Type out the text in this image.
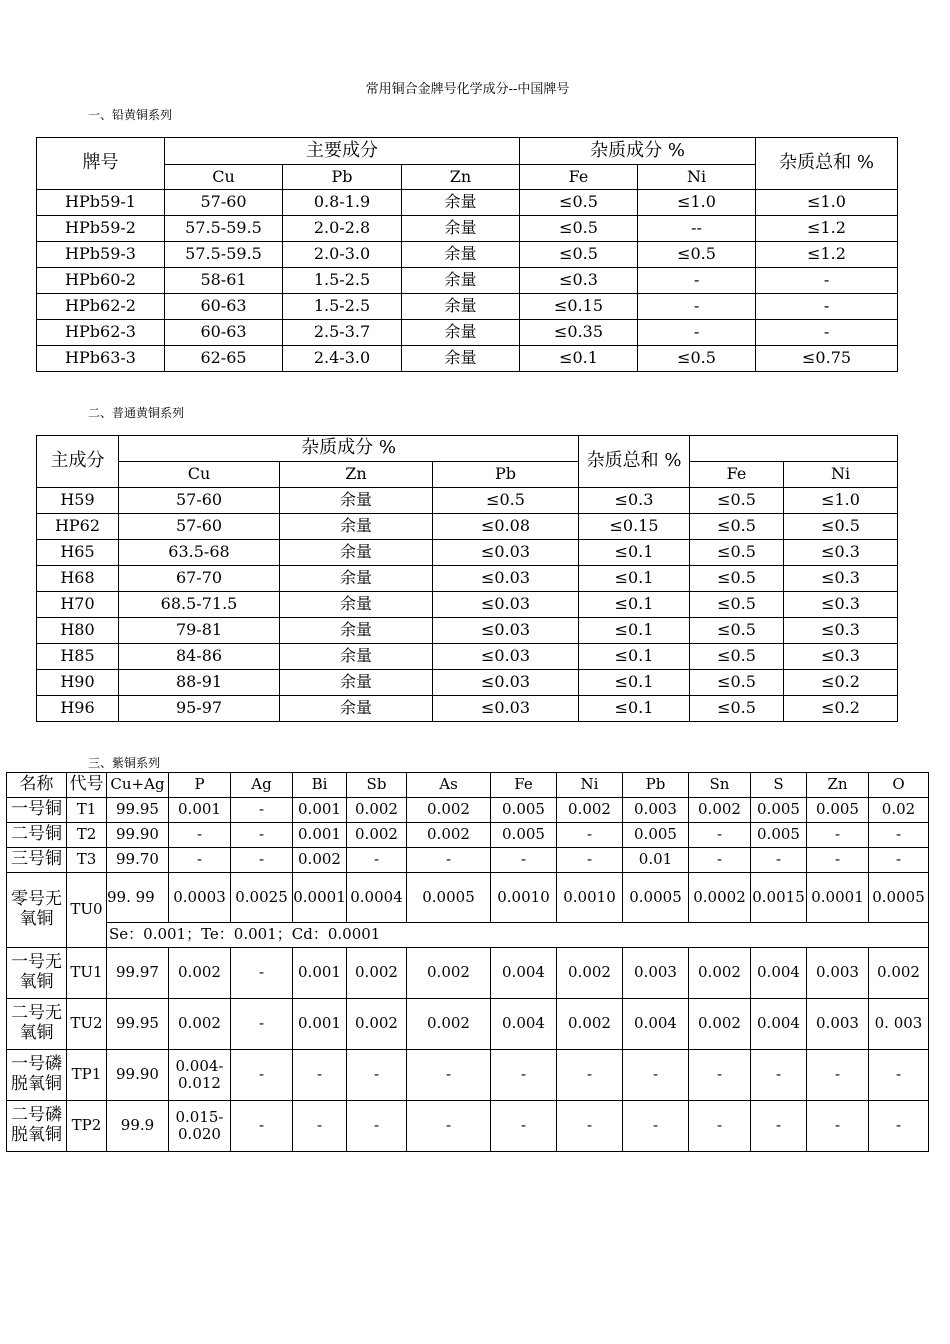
常用铜合金牌号化学成分--中国牌号
一、铅黄铜系列
牌号	主要成分			杂质成分 %		杂质总和 %
	Cu	Pb	Zn	Fe	Ni	
HPb59-1	57-60	0.8-1.9	余量	≤0.5	≤1.0	≤1.0
HPb59-2	57.5-59.5	2.0-2.8	余量	≤0.5	--	≤1.2
HPb59-3	57.5-59.5	2.0-3.0	余量	≤0.5	≤0.5	≤1.2
HPb60-2	58-61	1.5-2.5	余量	≤0.3	-	-
HPb62-2	60-63	1.5-2.5	余量	≤0.15	-	-
HPb62-3	60-63	2.5-3.7	余量	≤0.35	-	-
HPb63-3	62-65	2.4-3.0	余量	≤0.1	≤0.5	≤0.75
二、普通黄铜系列
主成分	杂质成分 %			杂质总和 %		
	Cu	Zn	Pb		Fe	Ni
H59	57-60	余量	≤0.5	≤0.3	≤0.5	≤1.0
HP62	57-60	余量	≤0.08	≤0.15	≤0.5	≤0.5
H65	63.5-68	余量	≤0.03	≤0.1	≤0.5	≤0.3
H68	67-70	余量	≤0.03	≤0.1	≤0.5	≤0.3
H70	68.5-71.5	余量	≤0.03	≤0.1	≤0.5	≤0.3
H80	79-81	余量	≤0.03	≤0.1	≤0.5	≤0.3
H85	84-86	余量	≤0.03	≤0.1	≤0.5	≤0.3
H90	88-91	余量	≤0.03	≤0.1	≤0.5	≤0.2
H96	95-97	余量	≤0.03	≤0.1	≤0.5	≤0.2
三、紫铜系列
名称	代号	Cu+Ag	P	Ag	Bi	Sb	As	Fe	Ni	Pb	Sn	S	Zn	O
一号铜	T1	99.95	0.001	-	0.001	0.002	0.002	0.005	0.002	0.003	0.002	0.005	0.005	0.02
二号铜	T2	99.90	-	-	0.001	0.002	0.002	0.005	-	0.005	-	0.005	-	-
三号铜	T3	99.70	-	-	0.002	-	-	-	-	0.01	-	-	-	-
零号无氧铜	TU0	99. 99	0.0003	0.0025	0.0001	0.0004	0.0005	0.0010	0.0010	0.0005	0.0002	0.0015	0.0001	0.0005
		Se：0.001；Te：0.001；Cd：0.0001												
一号无氧铜	TU1	99.97	0.002	-	0.001	0.002	0.002	0.004	0.002	0.003	0.002	0.004	0.003	0.002
二号无氧铜	TU2	99.95	0.002	-	0.001	0.002	0.002	0.004	0.002	0.004	0.002	0.004	0.003	0. 003
一号磷脱氧铜	TP1	99.90	0.004-0.012	-	-	-	-	-	-	-	-	-	-	-
二号磷脱氧铜	TP2	99.9	0.015-0.020	-	-	-	-	-	-	-	-	-	-	-
